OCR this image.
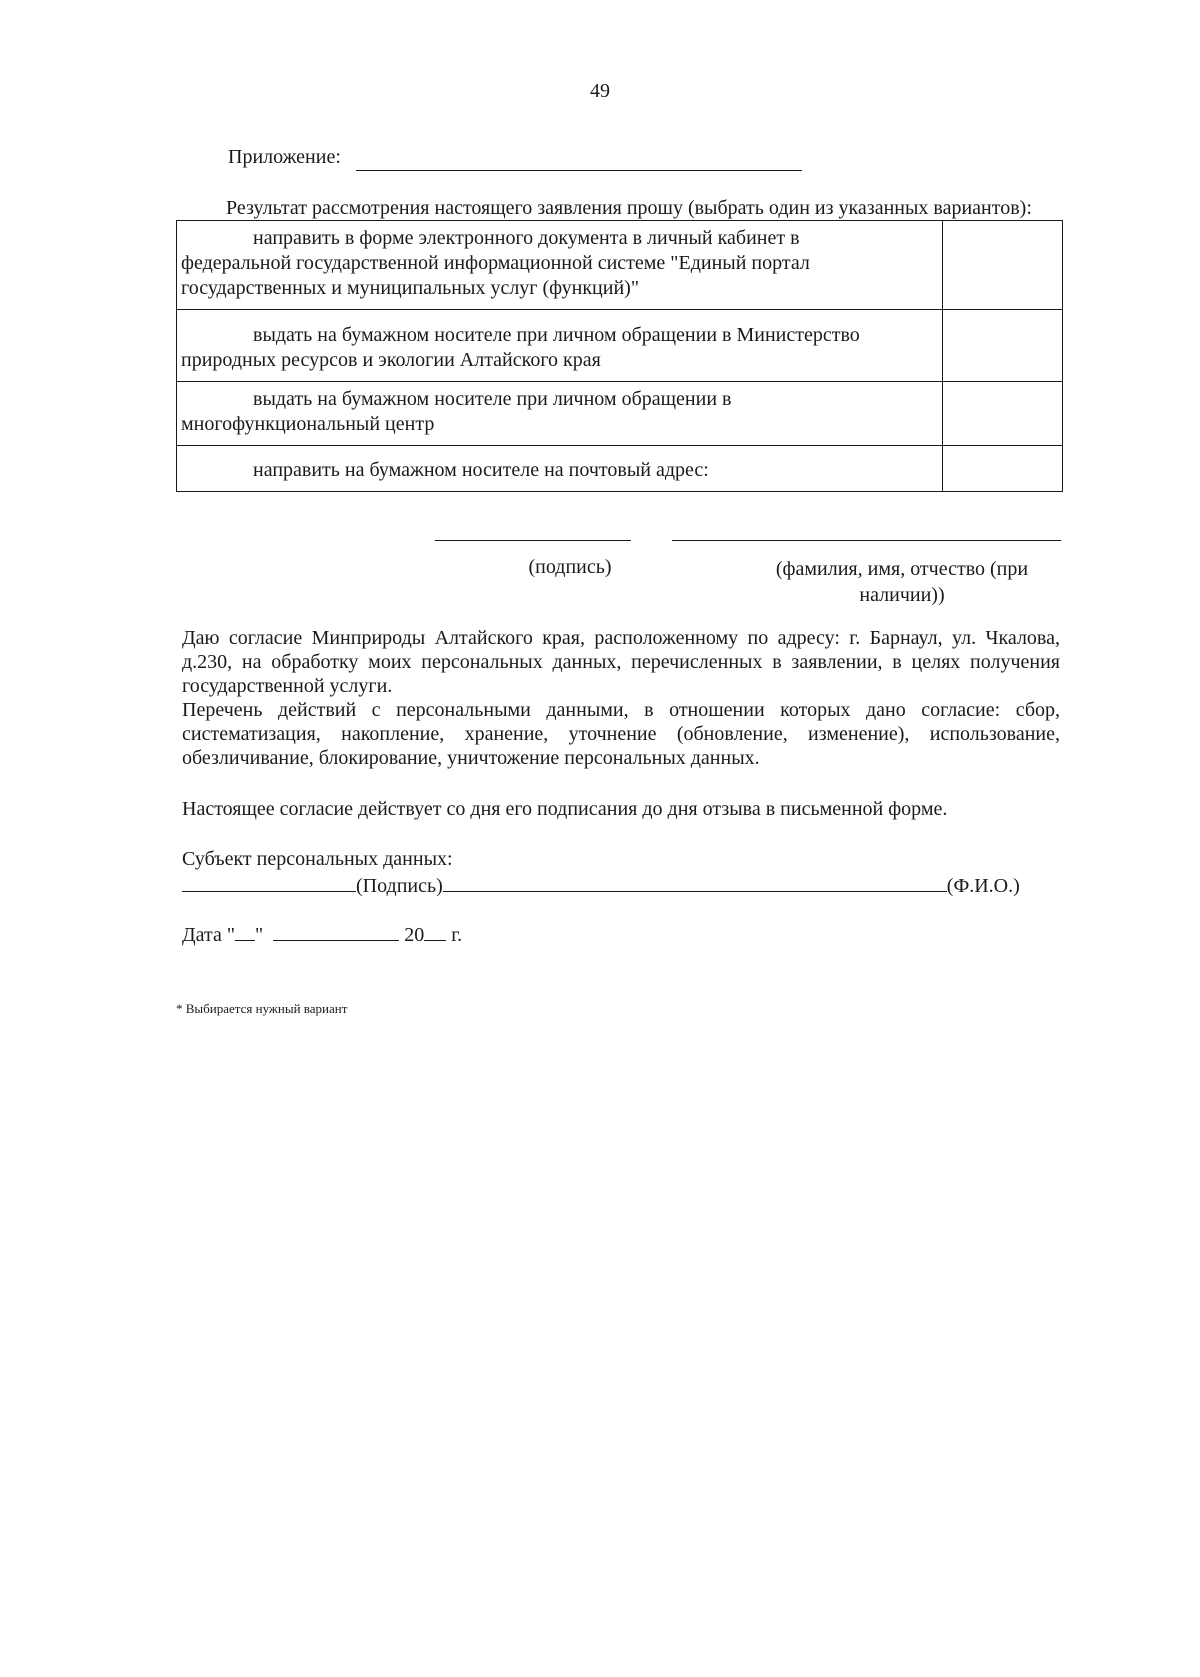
49
Приложение:
Результат рассмотрения настоящего заявления прошу (выбрать один из указанных вариантов):
направить в форме электронного документа в личный кабинет в
федеральной государственной информационной системе "Единый портал государственных и муниципальных услуг (функций)"	

выдать на бумажном носителе при личном обращении в Министерство
природных ресурсов и экологии Алтайского края	

выдать на бумажном носителе при личном обращении в
многофункциональный центр	

направить на бумажном носителе на почтовый адрес:	

(подпись)	(фамилия, имя, отчество (при
наличии))

Даю согласие Минприроды Алтайского края, расположенному по адресу: г. Барнаул, ул. Чкалова, д.230, на обработку моих персональных данных, перечисленных в заявлении, в целях получения государственной услуги.

Перечень действий с персональными данными, в отношении которых дано согласие: сбор, систематизация, накопление, хранение, уточнение (обновление, изменение), использование, обезличивание, блокирование, уничтожение персональных данных.

Настоящее согласие действует со дня его подписания до дня отзыва в письменной форме.
Субъект персональных данных:
(Подпись)	(Ф.И.О.)
Дата " "	20 г.
* Выбирается нужный вариант
